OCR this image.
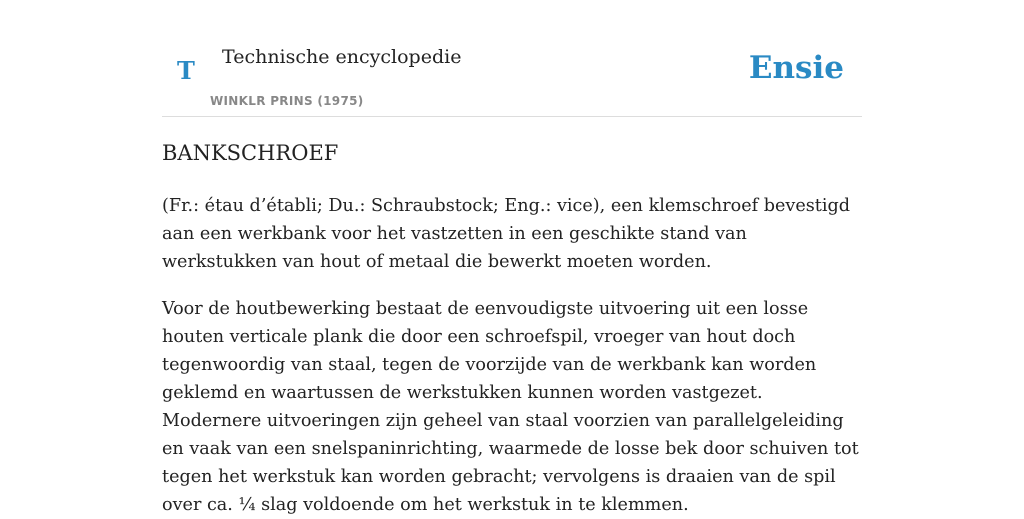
T Technische encyclopedie
WINKLR PRINS (1975)
Ensie
BANKSCHROEF

(Fr.: étau d’établi; Du.: Schraubstock; Eng.: vice), een klemschroef bevestigd aan een werkbank voor het vastzetten in een geschikte stand van werkstukken van hout of metaal die bewerkt moeten worden.

Voor de houtbewerking bestaat de eenvoudigste uitvoering uit een losse houten verticale plank die door een schroefspil, vroeger van hout doch tegenwoordig van staal, tegen de voorzijde van de werkbank kan worden geklemd en waartussen de werkstukken kunnen worden vastgezet. Modernere uitvoeringen zijn geheel van staal voorzien van parallelgeleiding en vaak van een snelspaninrichting, waarmede de losse bek door schuiven tot tegen het werkstuk kan worden gebracht; vervolgens is draaien van de spil over ca. ¼ slag voldoende om het werkstuk in te klemmen.
